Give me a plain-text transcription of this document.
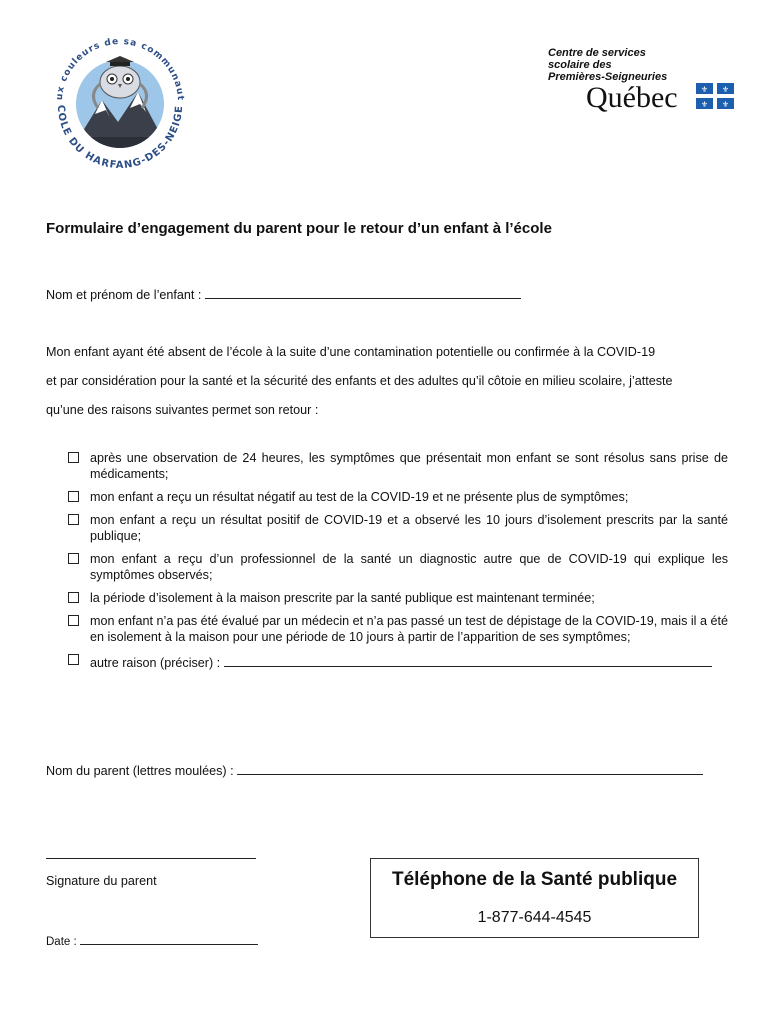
ux couleurs de sa communaut
COLE DU HARFANG-DES-NEIGE
Centre de services
scolaire des
Premières-Seigneuries
Québec	⚜ ⚜
⚜ ⚜
Formulaire d’engagement du parent pour le retour d’un enfant à l’école
Nom et prénom de l’enfant :
Mon enfant ayant été absent de l’école à la suite d’une contamination potentielle ou confirmée à la COVID-19
et par considération pour la santé et la sécurité des enfants et des adultes qu’il côtoie en milieu scolaire, j’atteste
qu’une des raisons suivantes permet son retour :
après une observation de 24 heures, les symptômes que présentait mon enfant se sont résolus sans prise de médicaments;
mon enfant a reçu un résultat négatif au test de la COVID-19 et ne présente plus de symptômes;
mon enfant a reçu un résultat positif de COVID-19 et a observé les 10 jours d’isolement prescrits par la santé publique;
mon enfant a reçu d’un professionnel de la santé un diagnostic autre que de COVID-19 qui explique les symptômes observés;
la période d’isolement à la maison prescrite par la santé publique est maintenant terminée;
mon enfant n’a pas été évalué par un médecin et n’a pas passé un test de dépistage de la COVID-19, mais il a été en isolement à la maison pour une période de 10 jours à partir de l’apparition de ses symptômes;
autre raison (préciser) :
Nom du parent (lettres moulées) :
Signature du parent
Date :
Téléphone de la Santé publique
1-877-644-4545
